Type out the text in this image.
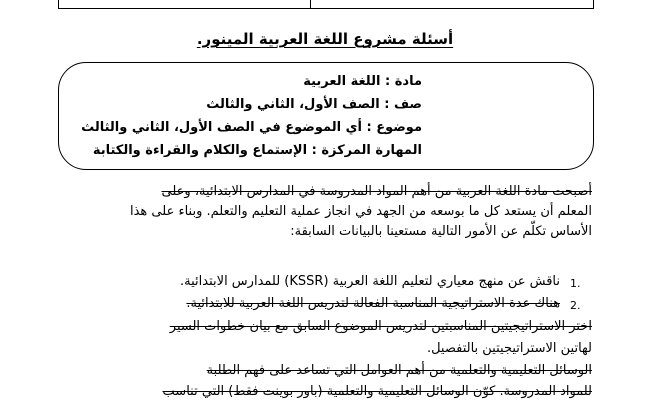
أسئلة مشروع اللغة العربية المينور.
مادة : اللغة العربية
صف : الصف الأول، الثاني والثالث
موضوع : أي الموضوع في الصف الأول، الثاني والثالث
المهارة المركزة : الإستماع والكلام والقراءة والكتابة
أصبحت مادة اللغة العربية من أهم المواد المدروسة في المدارس الابتدائية، وعلى
المعلم أن يستعد كل ما بوسعه من الجهد في انجاز عملية التعليم والتعلم. وبناء على هذا
الأساس تكلّم عن الأمور التالية مستعينا بالبيانات السابقة:
1.
ناقش عن منهج معياري لتعليم اللغة العربية (KSSR) للمدارس الابتدائية.
2.
هناك عدة الاستراتيجية المناسبة الفعالة لتدريس اللغة العربية للابتدائية.
اختر الاستراتيجيتين المناسبتين لتدريس الموضوع السابق مع بيان خطوات السير
لهاتين الاستراتيجيتين بالتفصيل.
الوسائل التعليمية والتعلمية من أهم العوامل التي تساعد على فهم الطلبة
للمواد المدروسة. كوّن الوسائل التعليمية والتعلمية (باور بوينت فقط) التي تناسب
